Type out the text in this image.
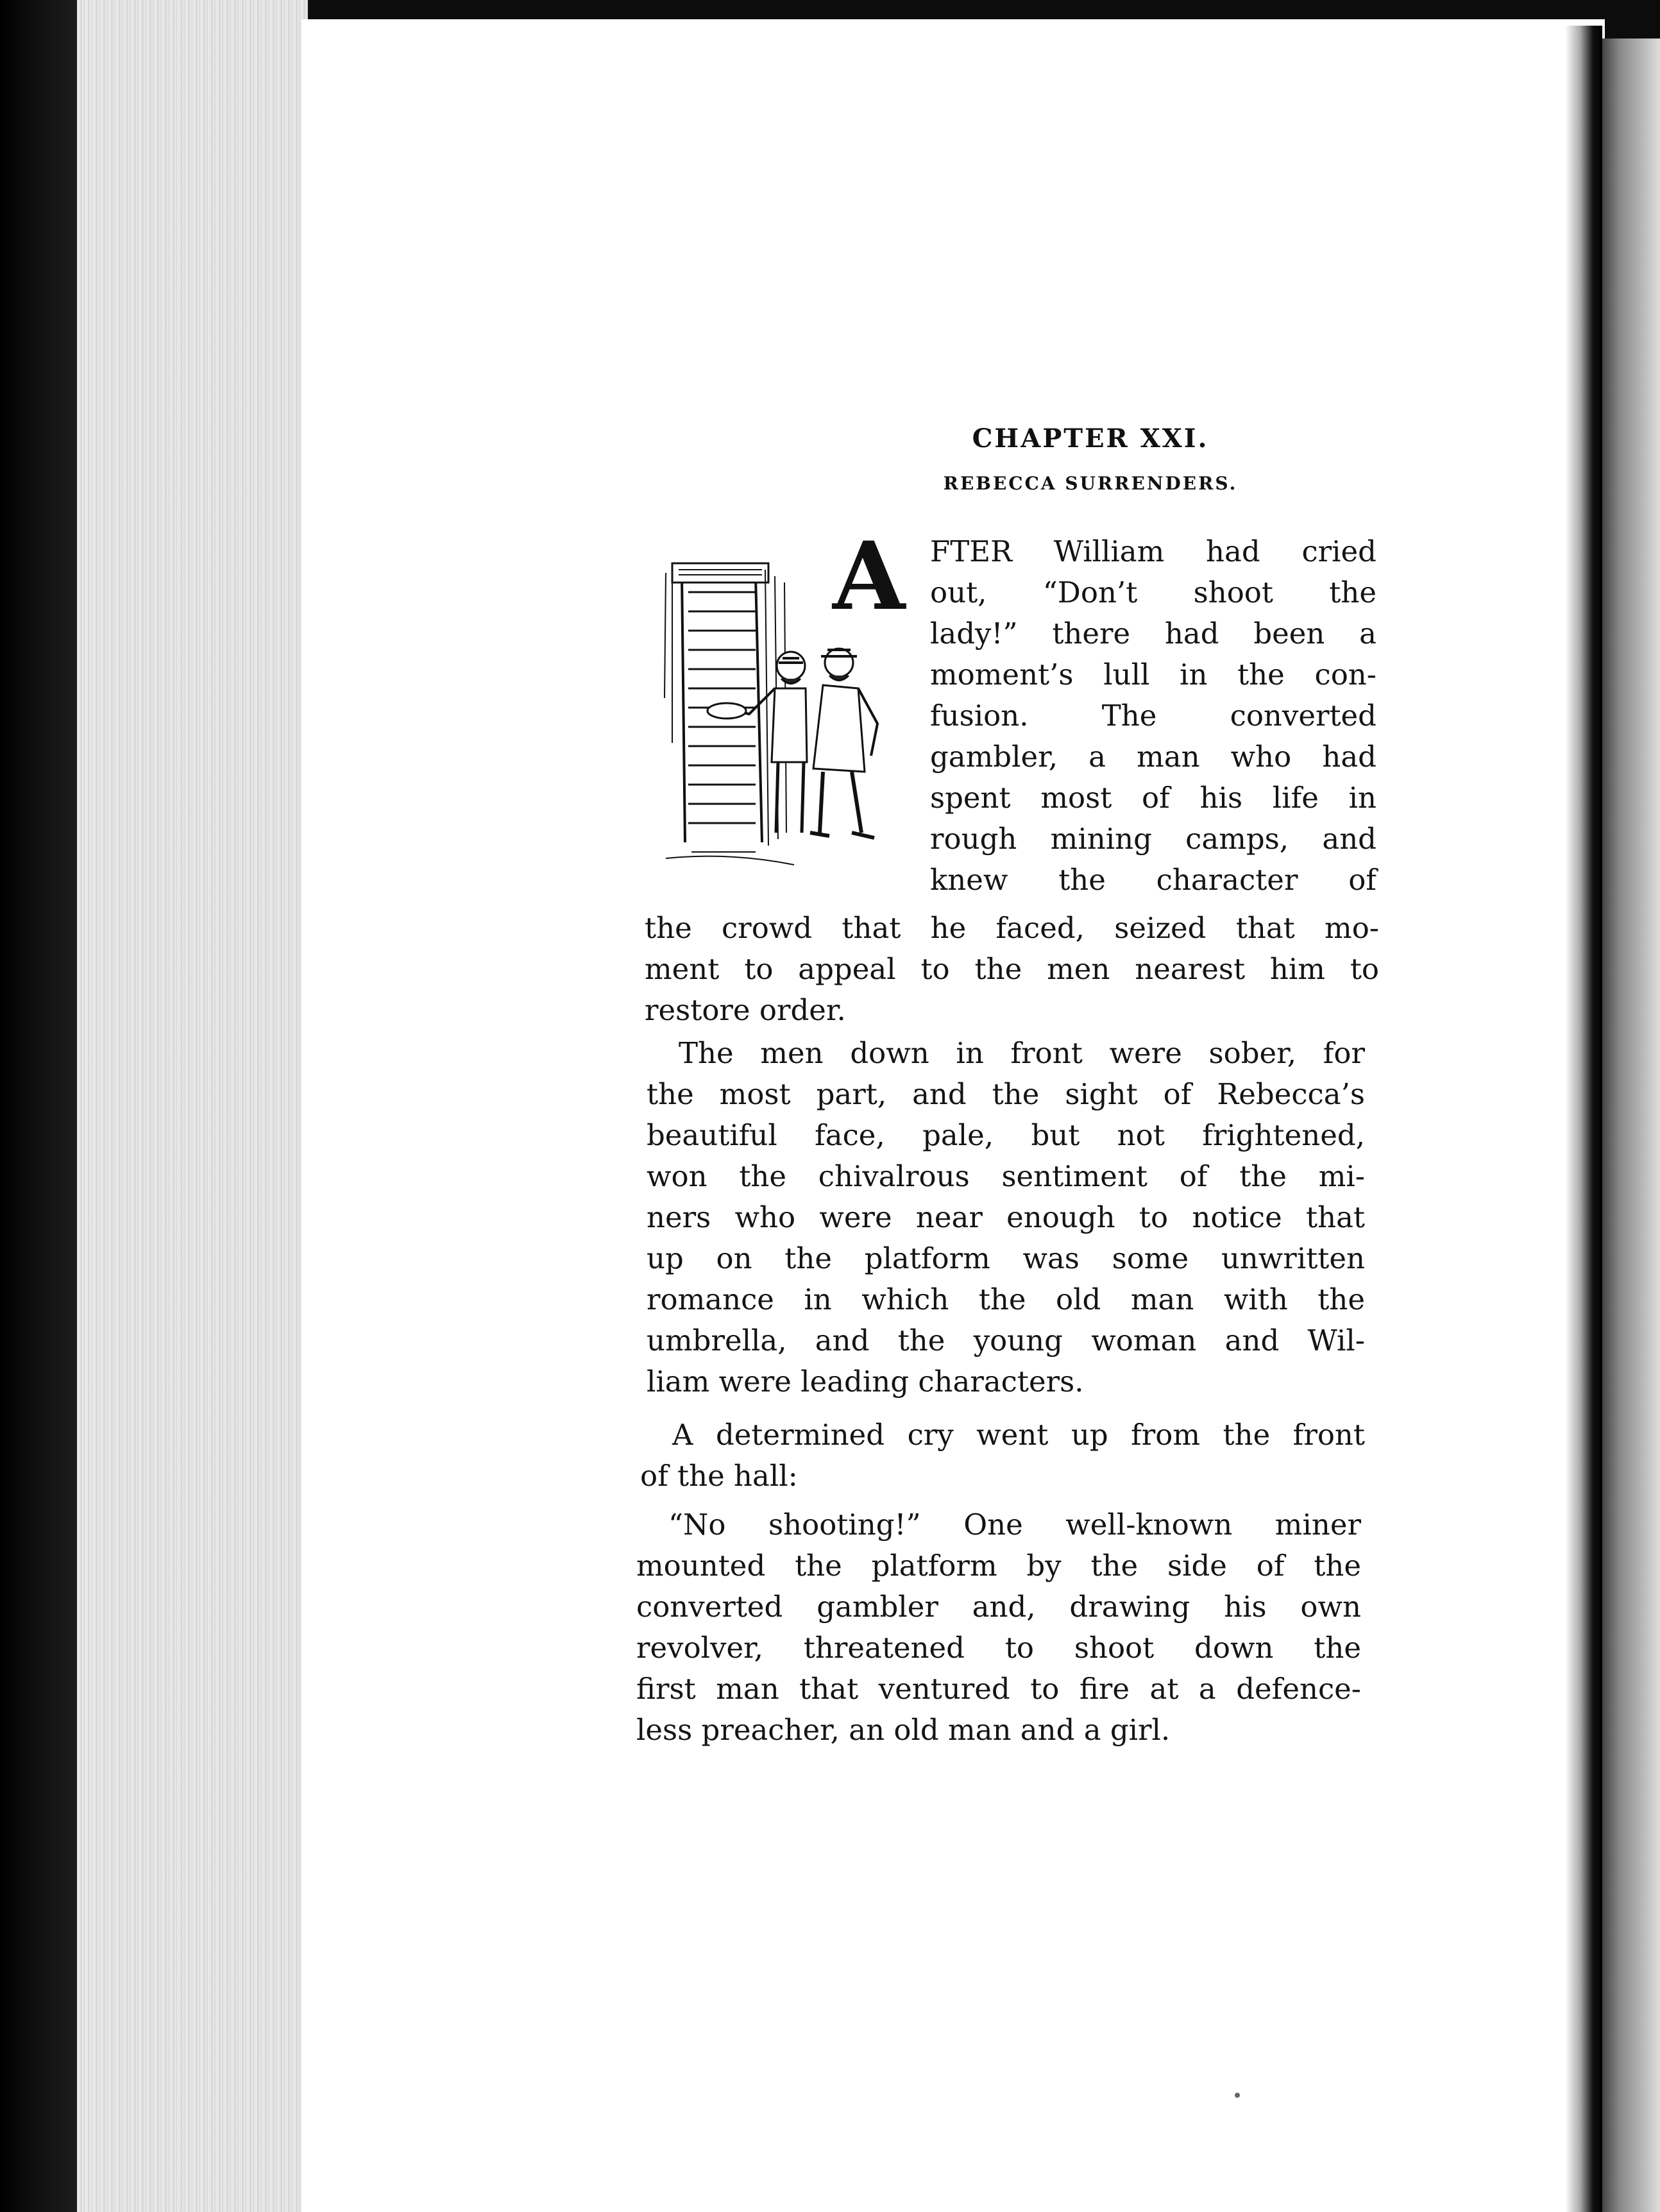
CHAPTER XXI.

REBECCA SURRENDERS.

A FTER William had cried
out, “Don’t shoot the
lady!” there had been a
moment’s lull in the con-
fusion. The converted
gambler, a man who had
spent most of his life in
rough mining camps, and
knew the character of
the crowd that he faced, seized that mo-
ment to appeal to the men nearest him to
restore order.
The men down in front were sober, for
the most part, and the sight of Rebecca’s
beautiful face, pale, but not frightened,
won the chivalrous sentiment of the mi-
ners who were near enough to notice that
up on the platform was some unwritten
romance in which the old man with the
umbrella, and the young woman and Wil-
liam were leading characters.
A determined cry went up from the front
of the hall:
“No shooting!” One well-known miner
mounted the platform by the side of the
converted gambler and, drawing his own
revolver, threatened to shoot down the
first man that ventured to fire at a defence-
less preacher, an old man and a girl.
